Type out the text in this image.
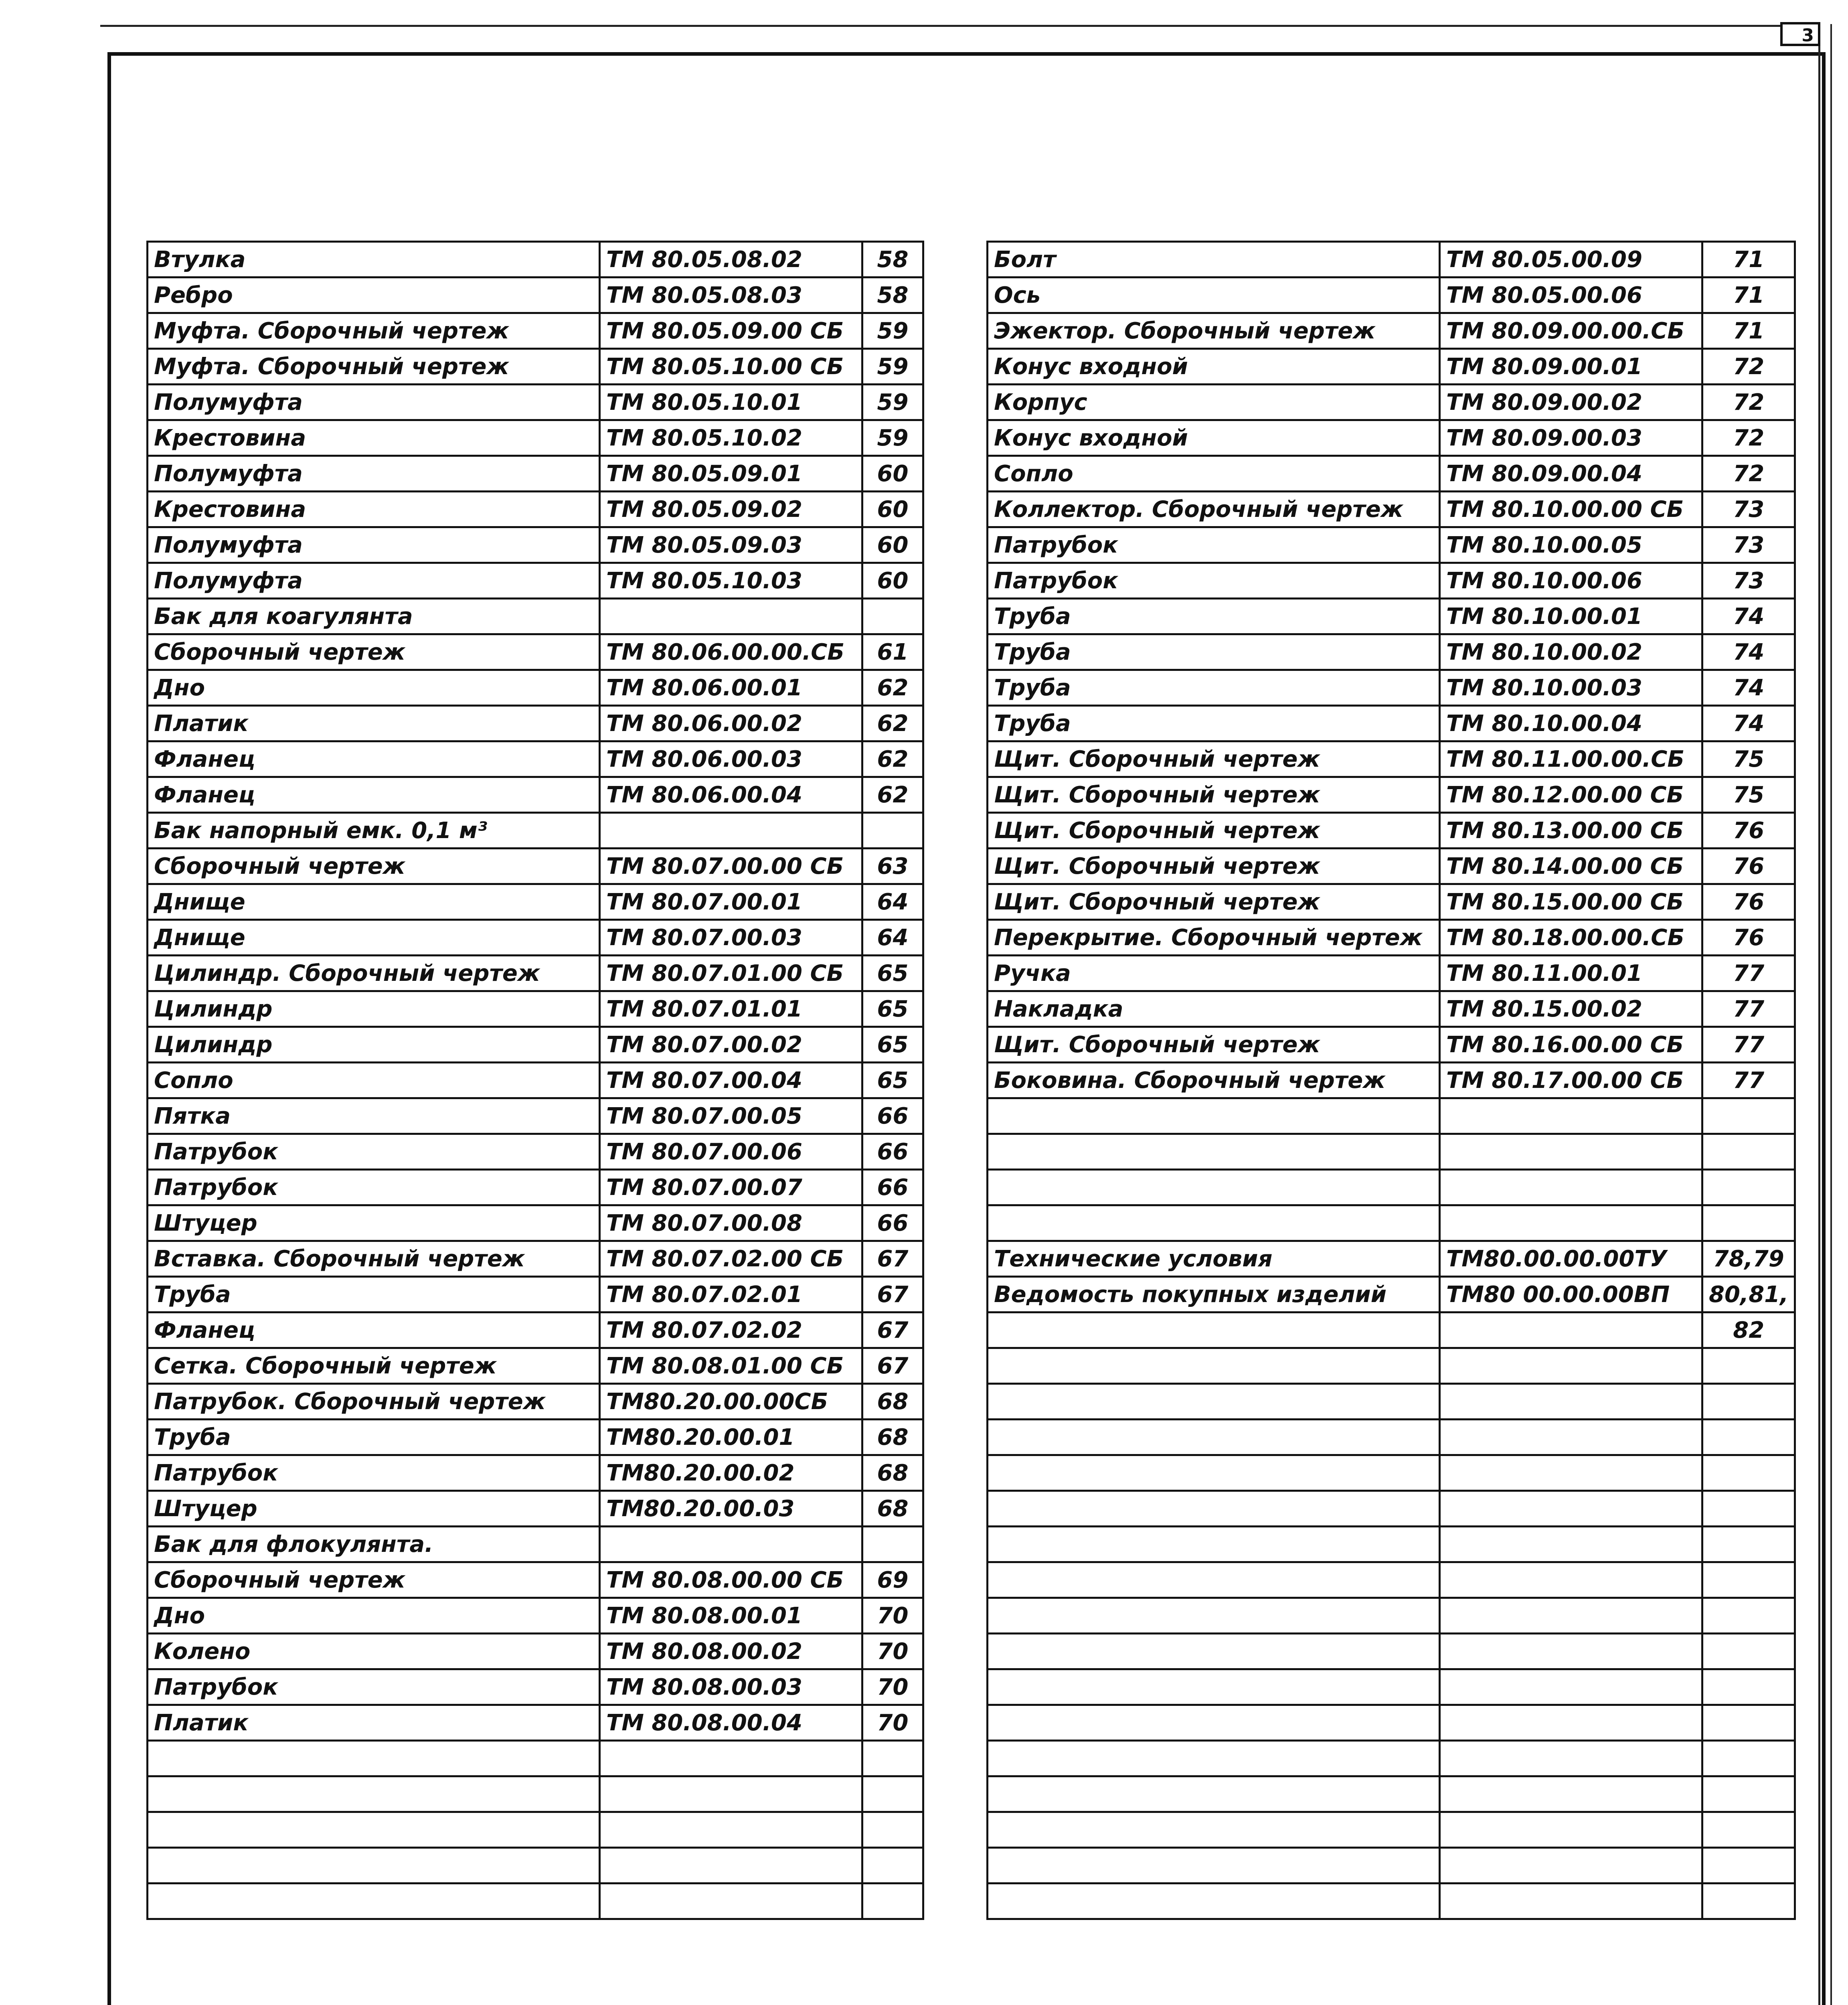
3
Втулка	ТМ 80.05.08.02	58
Ребро	ТМ 80.05.08.03	58
Муфта. Сборочный чертеж	ТМ 80.05.09.00 СБ	59
Муфта. Сборочный чертеж	ТМ 80.05.10.00 СБ	59
Полумуфта	ТМ 80.05.10.01	59
Крестовина	ТМ 80.05.10.02	59
Полумуфта	ТМ 80.05.09.01	60
Крестовина	ТМ 80.05.09.02	60
Полумуфта	ТМ 80.05.09.03	60
Полумуфта	ТМ 80.05.10.03	60
Бак для коагулянта		
Сборочный чертеж	ТМ 80.06.00.00.СБ	61
Дно	ТМ 80.06.00.01	62
Платик	ТМ 80.06.00.02	62
Фланец	ТМ 80.06.00.03	62
Фланец	ТМ 80.06.00.04	62
Бак напорный емк. 0,1 м³		
Сборочный чертеж	ТМ 80.07.00.00 СБ	63
Днище	ТМ 80.07.00.01	64
Днище	ТМ 80.07.00.03	64
Цилиндр. Сборочный чертеж	ТМ 80.07.01.00 СБ	65
Цилиндр	ТМ 80.07.01.01	65
Цилиндр	ТМ 80.07.00.02	65
Сопло	ТМ 80.07.00.04	65
Пятка	ТМ 80.07.00.05	66
Патрубок	ТМ 80.07.00.06	66
Патрубок	ТМ 80.07.00.07	66
Штуцер	ТМ 80.07.00.08	66
Вставка. Сборочный чертеж	ТМ 80.07.02.00 СБ	67
Труба	ТМ 80.07.02.01	67
Фланец	ТМ 80.07.02.02	67
Сетка. Сборочный чертеж	ТМ 80.08.01.00 СБ	67
Патрубок. Сборочный чертеж	ТМ80.20.00.00СБ	68
Труба	ТМ80.20.00.01	68
Патрубок	ТМ80.20.00.02	68
Штуцер	ТМ80.20.00.03	68
Бак для флокулянта.		
Сборочный чертеж	ТМ 80.08.00.00 СБ	69
Дно	ТМ 80.08.00.01	70
Колено	ТМ 80.08.00.02	70
Патрубок	ТМ 80.08.00.03	70
Платик	ТМ 80.08.00.04	70

Болт	ТМ 80.05.00.09	71
Ось	ТМ 80.05.00.06	71
Эжектор. Сборочный чертеж	ТМ 80.09.00.00.СБ	71
Конус входной	ТМ 80.09.00.01	72
Корпус	ТМ 80.09.00.02	72
Конус входной	ТМ 80.09.00.03	72
Сопло	ТМ 80.09.00.04	72
Коллектор. Сборочный чертеж	ТМ 80.10.00.00 СБ	73
Патрубок	ТМ 80.10.00.05	73
Патрубок	ТМ 80.10.00.06	73
Труба	ТМ 80.10.00.01	74
Труба	ТМ 80.10.00.02	74
Труба	ТМ 80.10.00.03	74
Труба	ТМ 80.10.00.04	74
Щит. Сборочный чертеж	ТМ 80.11.00.00.СБ	75
Щит. Сборочный чертеж	ТМ 80.12.00.00 СБ	75
Щит. Сборочный чертеж	ТМ 80.13.00.00 СБ	76
Щит. Сборочный чертеж	ТМ 80.14.00.00 СБ	76
Щит. Сборочный чертеж	ТМ 80.15.00.00 СБ	76
Перекрытие. Сборочный чертеж	ТМ 80.18.00.00.СБ	76
Ручка	ТМ 80.11.00.01	77
Накладка	ТМ 80.15.00.02	77
Щит. Сборочный чертеж	ТМ 80.16.00.00 СБ	77
Боковина. Сборочный чертеж	ТМ 80.17.00.00 СБ	77

Технические условия	ТМ80.00.00.00ТУ	78,79
Ведомость покупных изделий	ТМ80 00.00.00ВП	80,81,
		82
